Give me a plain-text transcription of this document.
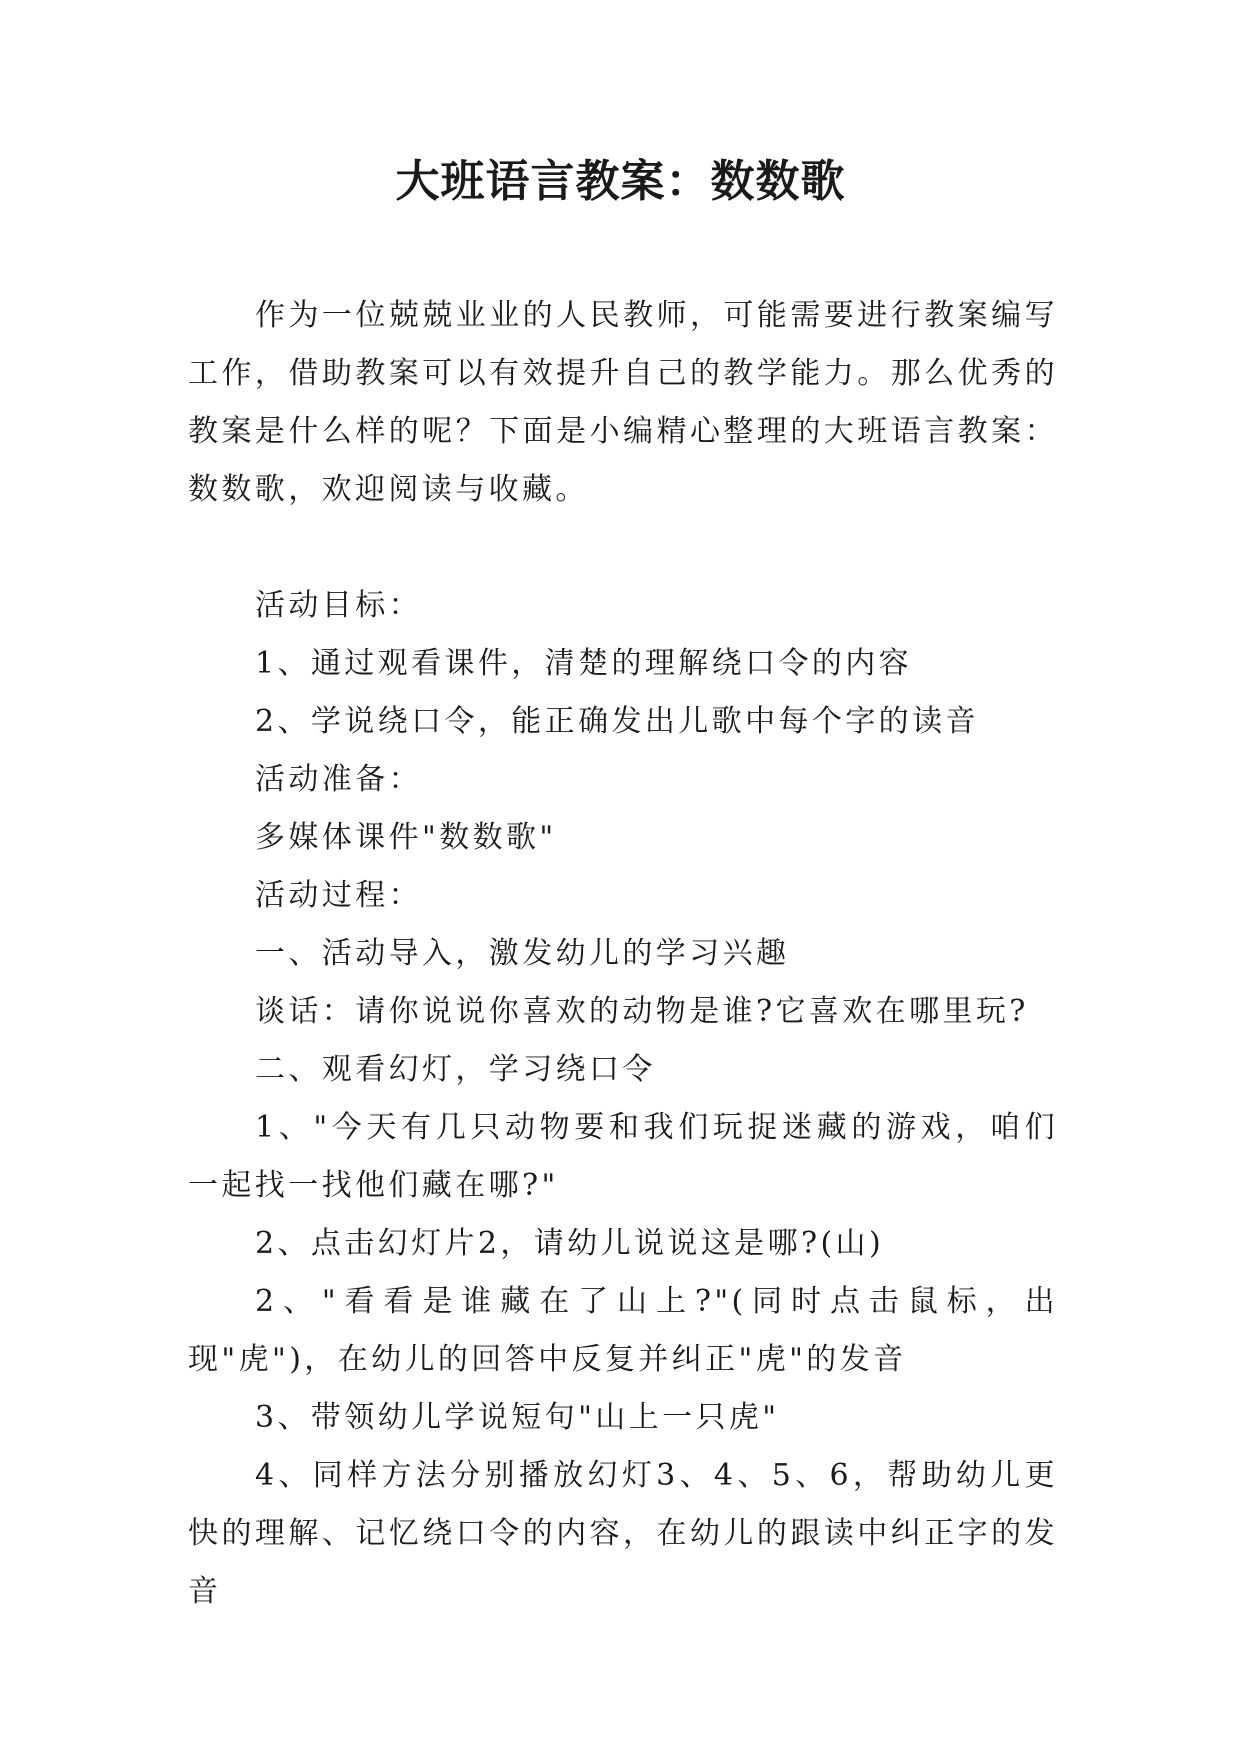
大班语言教案：数数歌

作为一位兢兢业业的人民教师，可能需要进行教案编写工作，借助教案可以有效提升自己的教学能力。那么优秀的教案是什么样的呢？下面是小编精心整理的大班语言教案：数数歌，欢迎阅读与收藏。

活动目标：

1、通过观看课件，清楚的理解绕口令的内容

2、学说绕口令，能正确发出儿歌中每个字的读音

活动准备：

多媒体课件"数数歌"

活动过程：

一、活动导入，激发幼儿的学习兴趣

谈话：请你说说你喜欢的动物是谁?它喜欢在哪里玩?

二、观看幻灯，学习绕口令

1、"今天有几只动物要和我们玩捉迷藏的游戏，咱们一起找一找他们藏在哪?"

2、点击幻灯片2，请幼儿说说这是哪?(山)

2、"看看是谁藏在了山上?"(同时点击鼠标，出现"虎")，在幼儿的回答中反复并纠正"虎"的发音

3、带领幼儿学说短句"山上一只虎"

4、同样方法分别播放幻灯3、4、5、6，帮助幼儿更快的理解、记忆绕口令的内容，在幼儿的跟读中纠正字的发音
